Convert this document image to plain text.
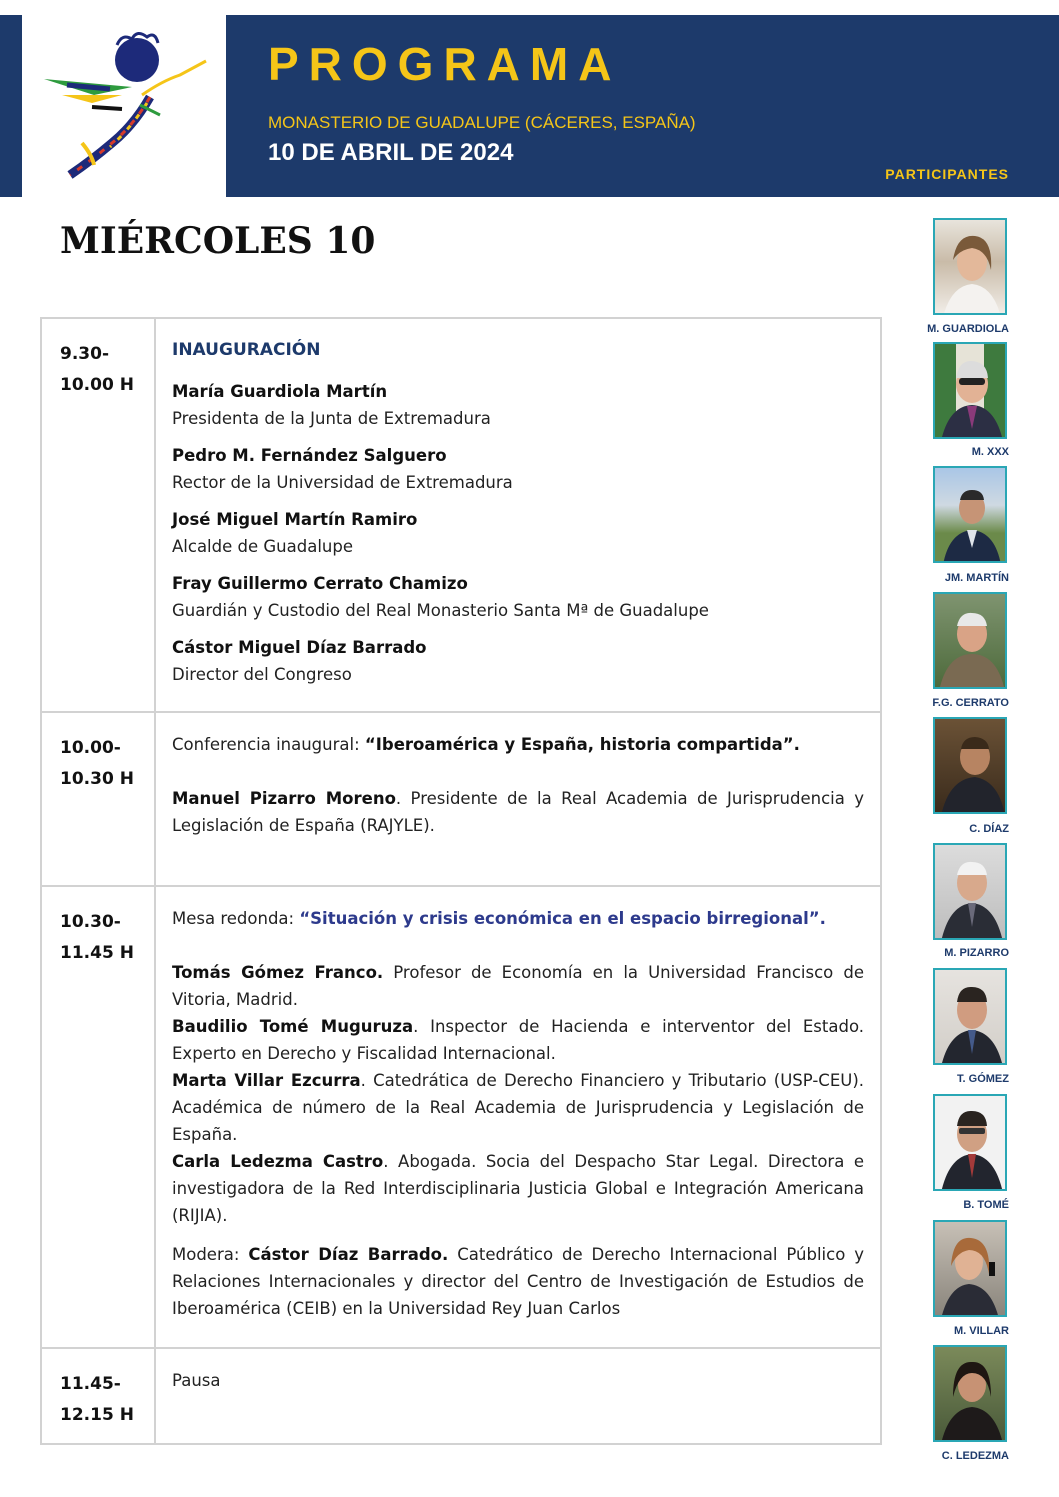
PROGRAMA
MONASTERIO DE GUADALUPE (CÁCERES, ESPAÑA)
10 DE ABRIL DE 2024
PARTICIPANTES
MIÉRCOLES 10
9.30-
10.00 H
INAUGURACIÓN
María Guardiola Martín
Presidenta de la Junta de Extremadura
Pedro M. Fernández Salguero
Rector de la Universidad de Extremadura
José Miguel Martín Ramiro
Alcalde de Guadalupe
Fray Guillermo Cerrato Chamizo
Guardián y Custodio del Real Monasterio Santa Mª de Guadalupe
Cástor Miguel Díaz Barrado
Director del Congreso
10.00-
10.30 H

Conferencia inaugural: “Iberoamérica y España, historia compartida”.

Manuel Pizarro Moreno. Presidente de la Real Academia de Jurisprudencia y Legislación de España (RAJYLE).

10.30-
11.45 H

Mesa redonda: “Situación y crisis económica en el espacio birregional”.

Tomás Gómez Franco. Profesor de Economía en la Universidad Francisco de Vitoria, Madrid.

Baudilio Tomé Muguruza. Inspector de Hacienda e interventor del Estado. Experto en Derecho y Fiscalidad Internacional.

Marta Villar Ezcurra. Catedrática de Derecho Financiero y Tributario (USP-CEU). Académica de número de la Real Academia de Jurisprudencia y Legislación de España.

Carla Ledezma Castro. Abogada. Socia del Despacho Star Legal. Directora e investigadora de la Red Interdisciplinaria Justicia Global e Integración Americana (RIJIA).

Modera: Cástor Díaz Barrado. Catedrático de Derecho Internacional Público y Relaciones Internacionales y director del Centro de Investigación de Estudios de Iberoamérica (CEIB) en la Universidad Rey Juan Carlos

11.45-
12.15 H

Pausa

M. GUARDIOLA
M. XXX
JM. MARTÍN
F.G. CERRATO
C. DÍAZ
M. PIZARRO
T. GÓMEZ
B. TOMÉ
M. VILLAR
C. LEDEZMA
